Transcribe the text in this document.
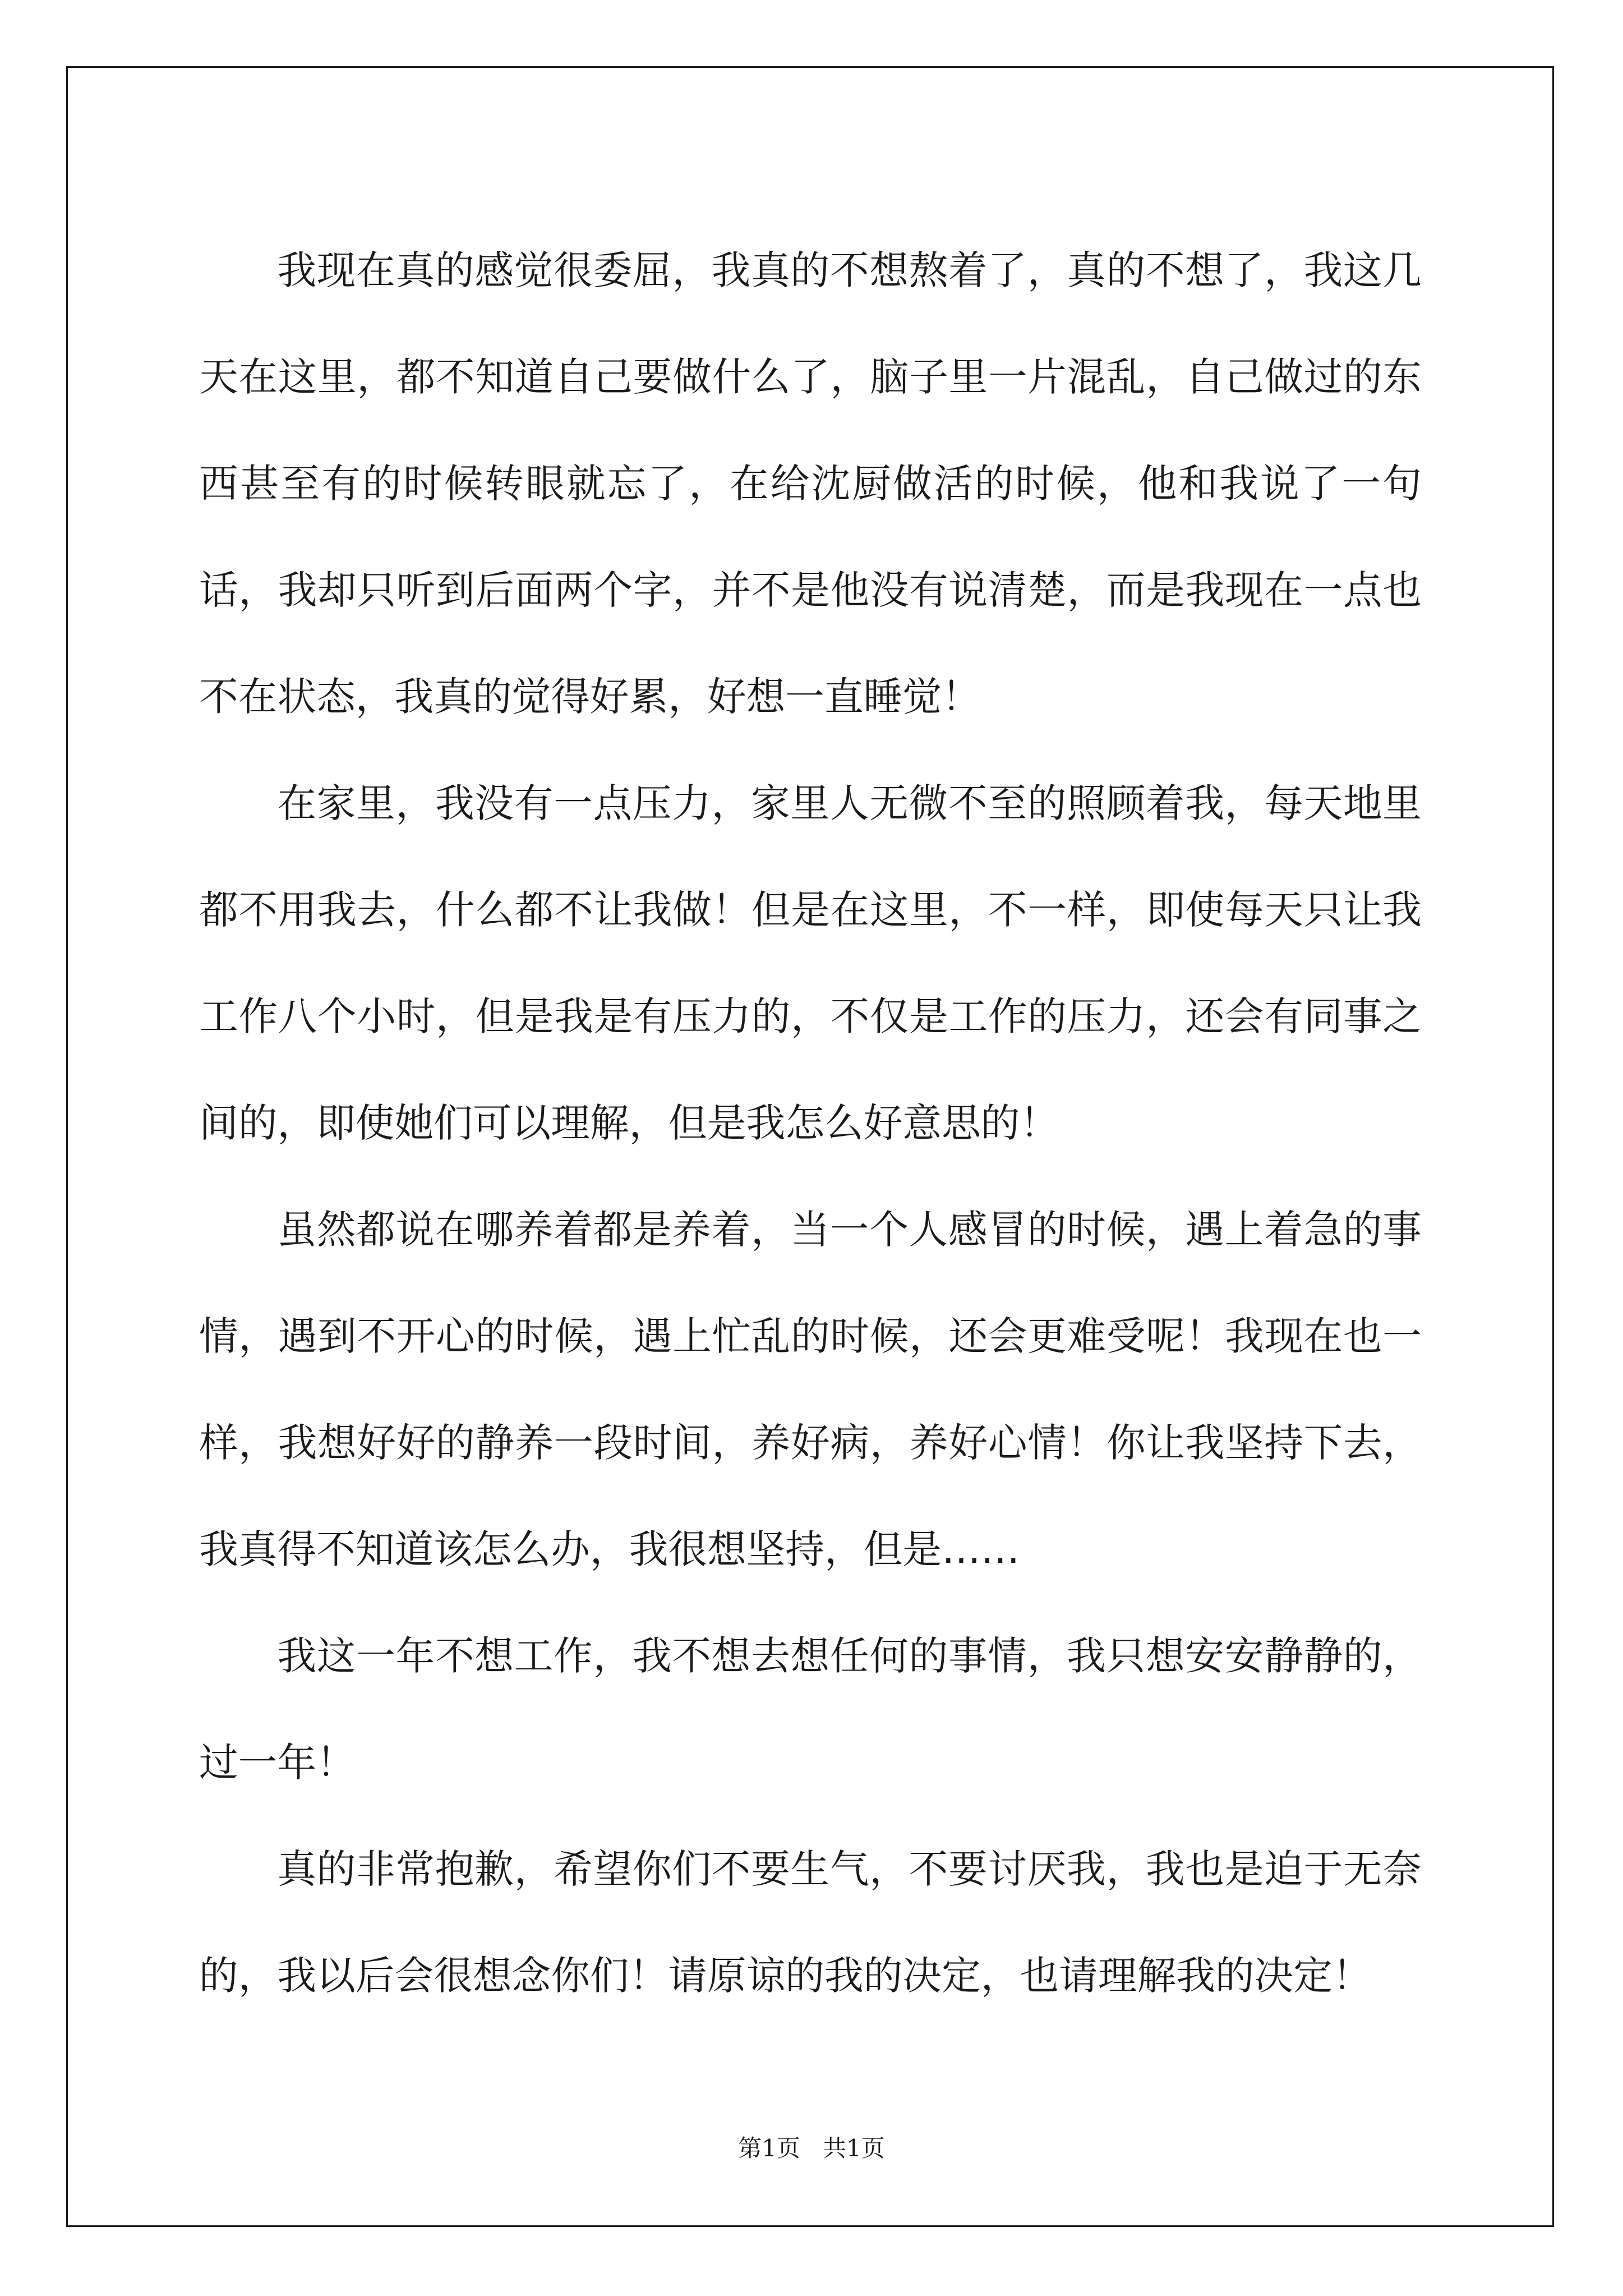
我现在真的感觉很委屈，我真的不想熬着了，真的不想了，我这几天在这里，都不知道自己要做什么了，脑子里一片混乱，自己做过的东西甚至有的时候转眼就忘了，在给沈厨做活的时候，他和我说了一句话，我却只听到后面两个字，并不是他没有说清楚，而是我现在一点也不在状态，我真的觉得好累，好想一直睡觉！

在家里，我没有一点压力，家里人无微不至的照顾着我，每天地里都不用我去，什么都不让我做！但是在这里，不一样，即使每天只让我工作八个小时，但是我是有压力的，不仅是工作的压力，还会有同事之间的，即使她们可以理解，但是我怎么好意思的！

虽然都说在哪养着都是养着，当一个人感冒的时候，遇上着急的事情，遇到不开心的时候，遇上忙乱的时候，还会更难受呢！我现在也一样，我想好好的静养一段时间，养好病，养好心情！你让我坚持下去，我真得不知道该怎么办，我很想坚持，但是……

我这一年不想工作，我不想去想任何的事情，我只想安安静静的，过一年！

真的非常抱歉，希望你们不要生气，不要讨厌我，我也是迫于无奈的，我以后会很想念你们！请原谅的我的决定，也请理解我的决定！

第1页   共1页
